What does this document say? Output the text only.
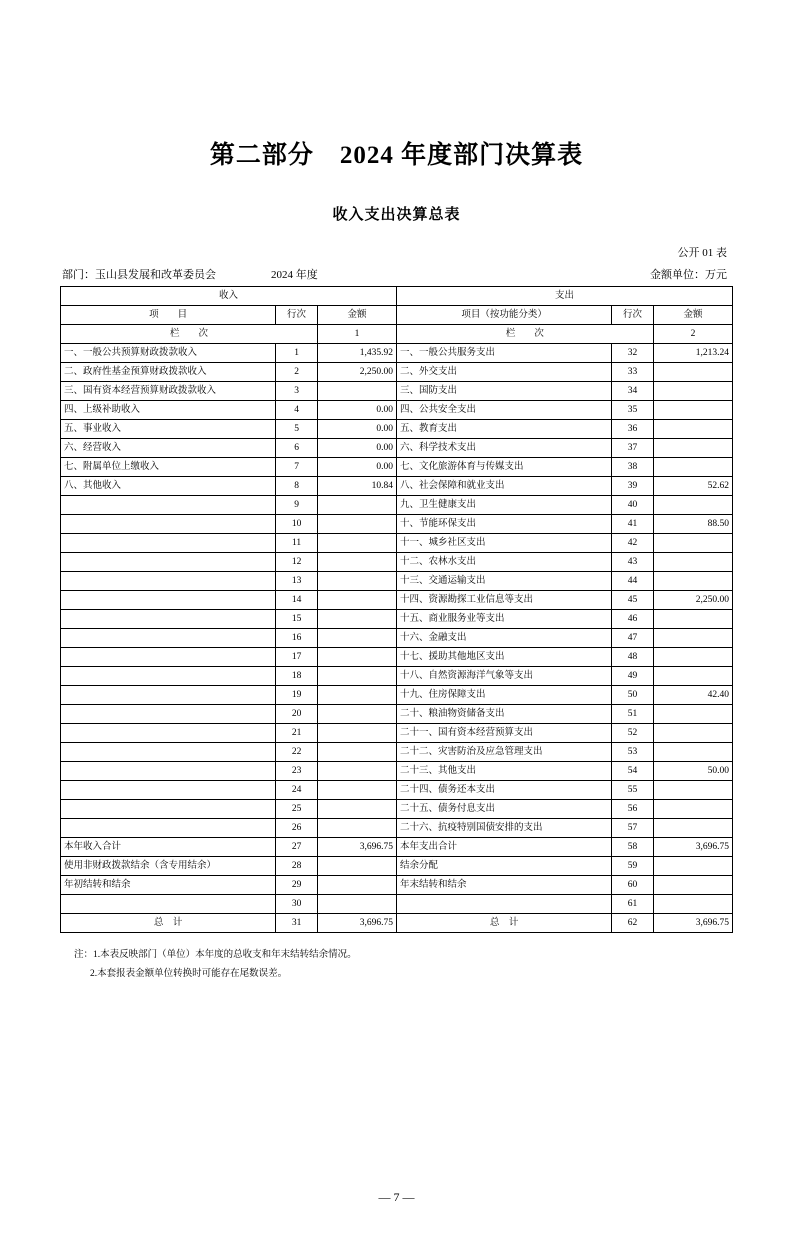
第二部分　2024 年度部门决算表
收入支出决算总表
公开 01 表
部门：玉山县发展和改革委员会	2024 年度	金额单位：万元
收入			支出		
项　　目	行次	金额	项目（按功能分类）	行次	金额
栏　　次		1	栏　　次		2
一、一般公共预算财政拨款收入	1	1,435.92	一、一般公共服务支出	32	1,213.24
二、政府性基金预算财政拨款收入	2	2,250.00	二、外交支出	33	
三、国有资本经营预算财政拨款收入	3		三、国防支出	34	
四、上级补助收入	4	0.00	四、公共安全支出	35	
五、事业收入	5	0.00	五、教育支出	36	
六、经营收入	6	0.00	六、科学技术支出	37	
七、附属单位上缴收入	7	0.00	七、文化旅游体育与传媒支出	38	
八、其他收入	8	10.84	八、社会保障和就业支出	39	52.62
	9		九、卫生健康支出	40	
	10		十、节能环保支出	41	88.50
	11		十一、城乡社区支出	42	
	12		十二、农林水支出	43	
	13		十三、交通运输支出	44	
	14		十四、资源勘探工业信息等支出	45	2,250.00
	15		十五、商业服务业等支出	46	
	16		十六、金融支出	47	
	17		十七、援助其他地区支出	48	
	18		十八、自然资源海洋气象等支出	49	
	19		十九、住房保障支出	50	42.40
	20		二十、粮油物资储备支出	51	
	21		二十一、国有资本经营预算支出	52	
	22		二十二、灾害防治及应急管理支出	53	
	23		二十三、其他支出	54	50.00
	24		二十四、债务还本支出	55	
	25		二十五、债务付息支出	56	
	26		二十六、抗疫特别国债安排的支出	57	
本年收入合计	27	3,696.75	本年支出合计	58	3,696.75
使用非财政拨款结余（含专用结余）	28		结余分配	59	
年初结转和结余	29		年末结转和结余	60	
	30			61	
总　计	31	3,696.75	总　计	62	3,696.75
注：1.本表反映部门（单位）本年度的总收支和年末结转结余情况。
2.本套报表金额单位转换时可能存在尾数误差。
— 7 —
